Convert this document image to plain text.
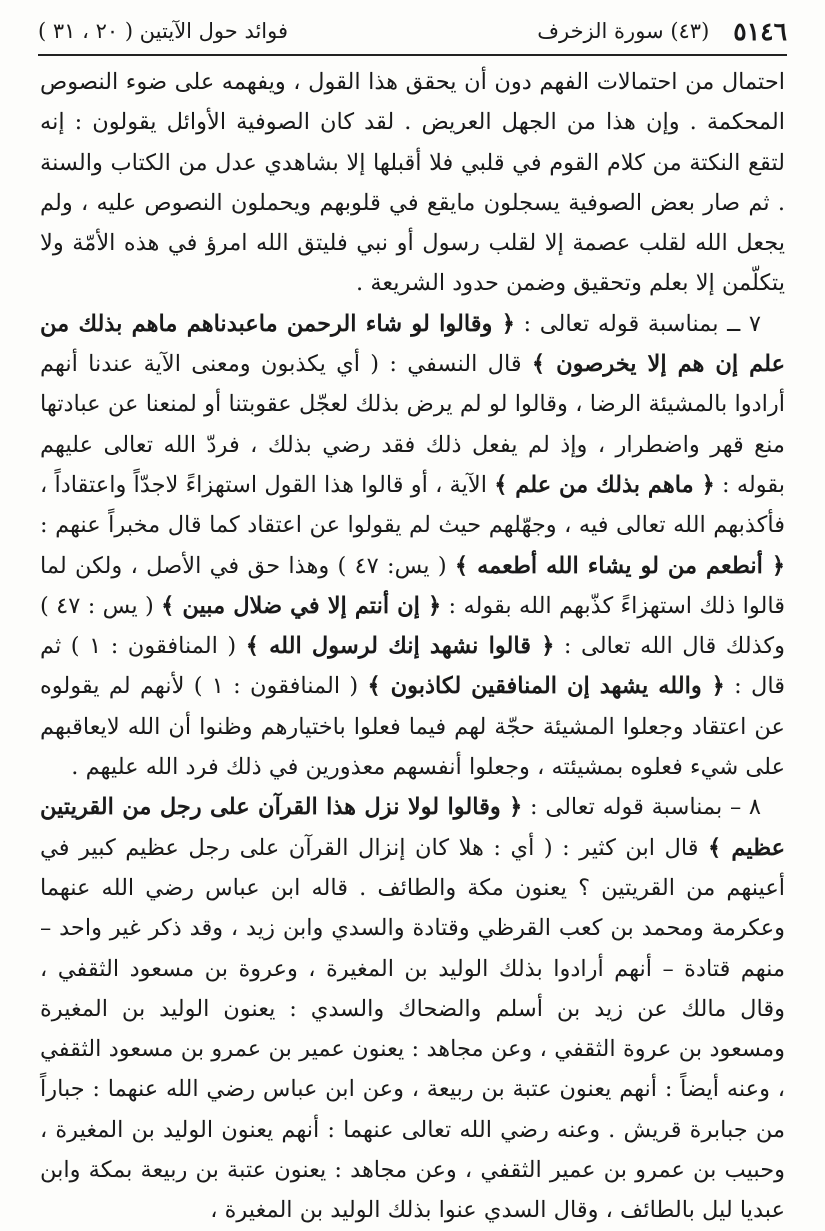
٥١٤٦
(٤٣) سورة الزخرف
فوائد حول الآيتين ( ٢٠ ، ٣١ )

احتمال من احتمالات الفهم دون أن يحقق هذا القول ، ويفهمه على ضوء النصوص المحكمة . وإن هذا من الجهل العريض . لقد كان الصوفية الأوائل يقولون : إنه لتقع النكتة من كلام القوم في قلبي فلا أقبلها إلا بشاهدي عدل من الكتاب والسنة . ثم صار بعض الصوفية يسجلون مايقع في قلوبهم ويحملون النصوص عليه ، ولم يجعل الله لقلب عصمة إلا لقلب رسول أو نبي فليتق الله امرؤ في هذه الأمّة ولا يتكلّمن إلا بعلم وتحقيق وضمن حدود الشريعة .

٧ ــ بمناسبة قوله تعالى : ﴿ وقالوا لو شاء الرحمن ماعبدناهم ماهم بذلك من علم إن هم إلا يخرصون ﴾ قال النسفي : ( أي يكذبون ومعنى الآية عندنا أنهم أرادوا بالمشيئة الرضا ، وقالوا لو لم يرض بذلك لعجّل عقوبتنا أو لمنعنا عن عبادتها منع قهر واضطرار ، وإذ لم يفعل ذلك فقد رضي بذلك ، فردّ الله تعالى عليهم بقوله : ﴿ ماهم بذلك من علم ﴾ الآية ، أو قالوا هذا القول استهزاءً لاجدّاً واعتقاداً ، فأكذبهم الله تعالى فيه ، وجهّلهم حيث لم يقولوا عن اعتقاد كما قال مخبراً عنهم : ﴿ أنطعم من لو يشاء الله أطعمه ﴾ ( يس: ٤٧ ) وهذا حق في الأصل ، ولكن لما قالوا ذلك استهزاءً كذّبهم الله بقوله : ﴿ إن أنتم إلا في ضلال مبين ﴾ ( يس : ٤٧ ) وكذلك قال الله تعالى : ﴿ قالوا نشهد إنك لرسول الله ﴾ ( المنافقون : ١ ) ثم قال : ﴿ والله يشهد إن المنافقين لكاذبون ﴾ ( المنافقون : ١ ) لأنهم لم يقولوه عن اعتقاد وجعلوا المشيئة حجّة لهم فيما فعلوا باختيارهم وظنوا أن الله لايعاقبهم على شيء فعلوه بمشيئته ، وجعلوا أنفسهم معذورين في ذلك فرد الله عليهم .

٨ – بمناسبة قوله تعالى : ﴿ وقالوا لولا نزل هذا القرآن على رجل من القريتين عظيم ﴾ قال ابن كثير : ( أي : هلا كان إنزال القرآن على رجل عظيم كبير في أعينهم من القريتين ؟ يعنون مكة والطائف . قاله ابن عباس رضي الله عنهما وعكرمة ومحمد بن كعب القرظي وقتادة والسدي وابن زيد ، وقد ذكر غير واحد – منهم قتادة – أنهم أرادوا بذلك الوليد بن المغيرة ، وعروة بن مسعود الثقفي ، وقال مالك عن زيد بن أسلم والضحاك والسدي : يعنون الوليد بن المغيرة ومسعود بن عروة الثقفي ، وعن مجاهد : يعنون عمير بن عمرو بن مسعود الثقفي ، وعنه أيضاً : أنهم يعنون عتبة بن ربيعة ، وعن ابن عباس رضي الله عنهما : جباراً من جبابرة قريش . وعنه رضي الله تعالى عنهما : أنهم يعنون الوليد بن المغيرة ، وحبيب بن عمرو بن عمير الثقفي ، وعن مجاهد : يعنون عتبة بن ربيعة بمكة وابن عبديا ليل بالطائف ، وقال السدي عنوا بذلك الوليد بن المغيرة ،
